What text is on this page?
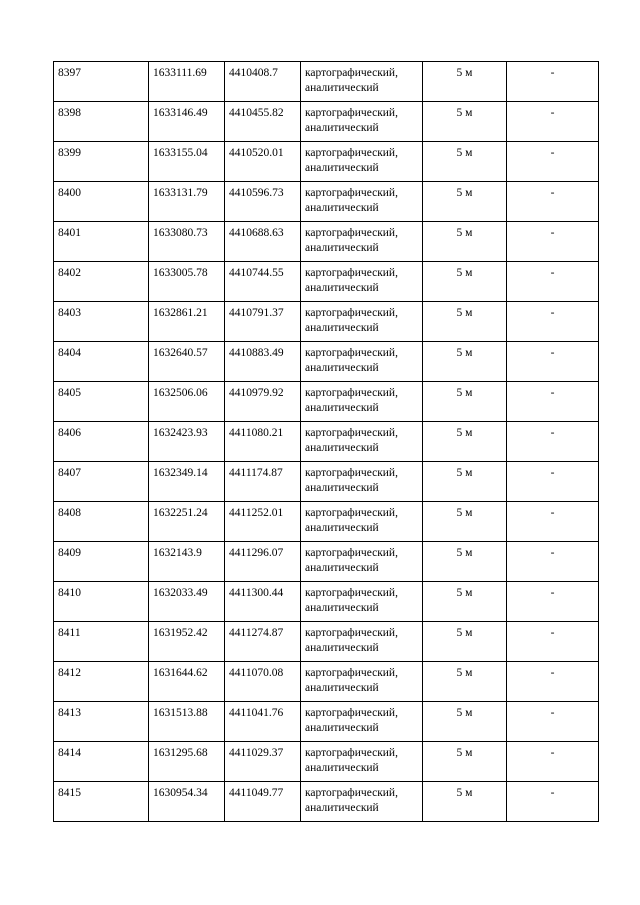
8397	1633111.69	4410408.7	картографический,
аналитический	5 м	-
8398	1633146.49	4410455.82	картографический,
аналитический	5 м	-
8399	1633155.04	4410520.01	картографический,
аналитический	5 м	-
8400	1633131.79	4410596.73	картографический,
аналитический	5 м	-
8401	1633080.73	4410688.63	картографический,
аналитический	5 м	-
8402	1633005.78	4410744.55	картографический,
аналитический	5 м	-
8403	1632861.21	4410791.37	картографический,
аналитический	5 м	-
8404	1632640.57	4410883.49	картографический,
аналитический	5 м	-
8405	1632506.06	4410979.92	картографический,
аналитический	5 м	-
8406	1632423.93	4411080.21	картографический,
аналитический	5 м	-
8407	1632349.14	4411174.87	картографический,
аналитический	5 м	-
8408	1632251.24	4411252.01	картографический,
аналитический	5 м	-
8409	1632143.9	4411296.07	картографический,
аналитический	5 м	-
8410	1632033.49	4411300.44	картографический,
аналитический	5 м	-
8411	1631952.42	4411274.87	картографический,
аналитический	5 м	-
8412	1631644.62	4411070.08	картографический,
аналитический	5 м	-
8413	1631513.88	4411041.76	картографический,
аналитический	5 м	-
8414	1631295.68	4411029.37	картографический,
аналитический	5 м	-
8415	1630954.34	4411049.77	картографический,
аналитический	5 м	-
